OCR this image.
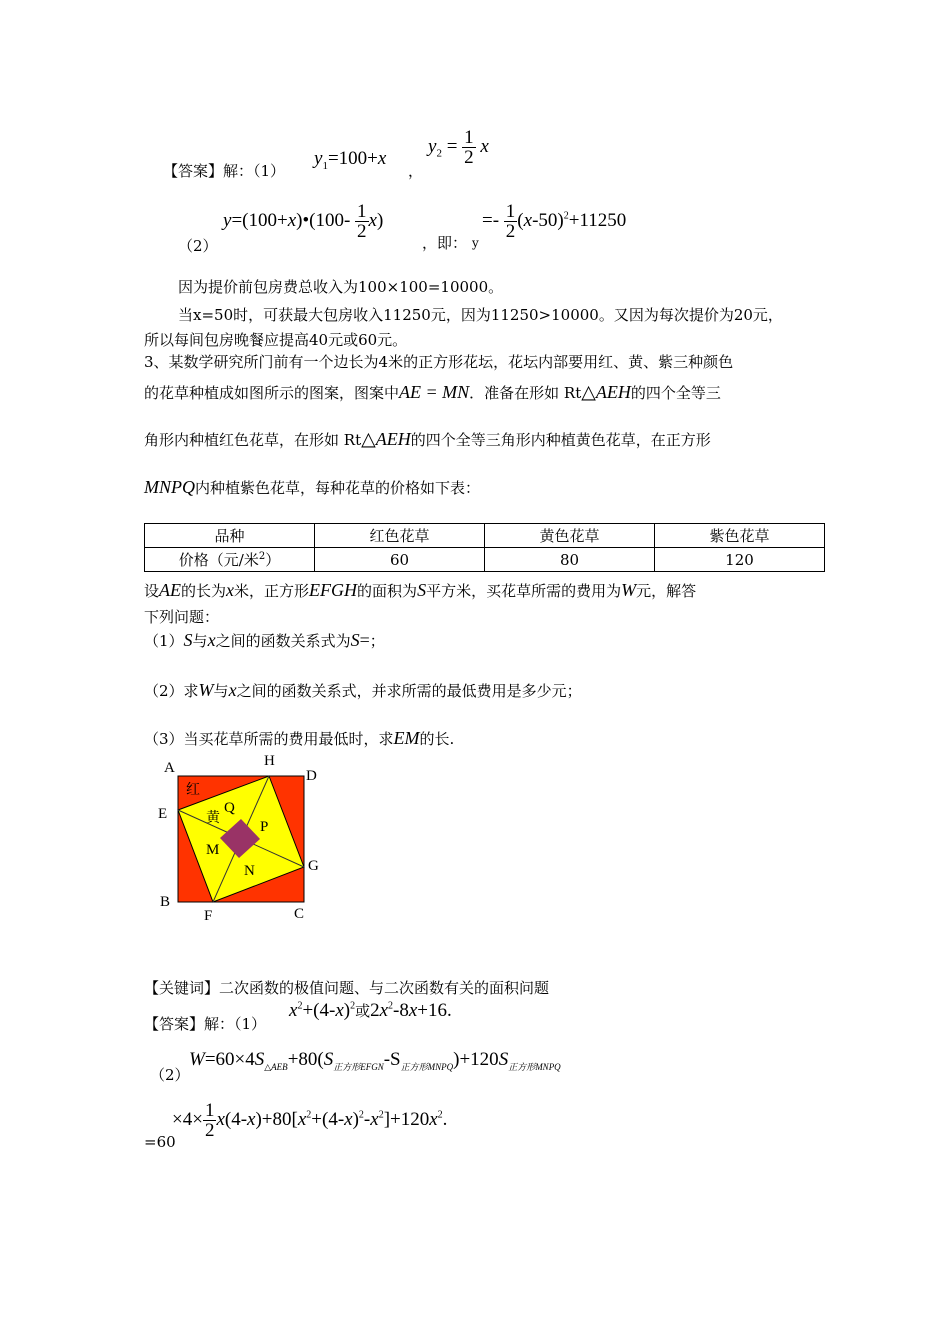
【答案】解：（1）
$y_1=100+x$
，
$y_2 = \frac{1}{2}$ x
（2）
y=(100+x)•(100- $\frac{1}{2} x$)
，即： y
=- $\frac{1}{2} (x-50)^2+11250$
因为提价前包房费总收入为100×100=10000。
当x=50时，可获最大包房收入11250元，因为11250>10000。又因为每次提价为20元，
所以每间包房晚餐应提高40元或60元。
3、某数学研究所门前有一个边长为4米的正方形花坛，花坛内部要用红、黄、紫三种颜色
的花草种植成如图所示的图案，图案中AE = MN．准备在形如 Rt△AEH的四个全等三
角形内种植红色花草，在形如 Rt△AEH的四个全等三角形内种植黄色花草，在正方形
MNPQ内种植紫色花草，每种花草的价格如下表：
品种	红色花草	黄色花草	紫色花草
价格（元/米$^2$）	60	80	120
设AE的长为x米，正方形EFGH的面积为S平方米，买花草所需的费用为W元，解答
下列问题：
（1）S与x之间的函数关系式为S=；
（2）求W与x之间的函数关系式，并求所需的最低费用是多少元；
（3）当买花草所需的费用最低时，求EM的长.
A	H
D
E	Q
P
M
N	G
B
F	C
红
黄
【关键词】二次函数的极值问题、与二次函数有关的面积问题
【答案】解：（1）
$x^2+(4-x)^2$或$2x^2-8x+16$.
（2）
$W=60\times 4S_{\triangle AEB}+80(S_{正方形EFGN}-S_{正方形MNPQ})+120S_{正方形MNPQ}$
=60
$\times 4\times \frac{1}{2} x(4-x)+80[x^2+(4-x)^2-x^2]+120x^2$.
